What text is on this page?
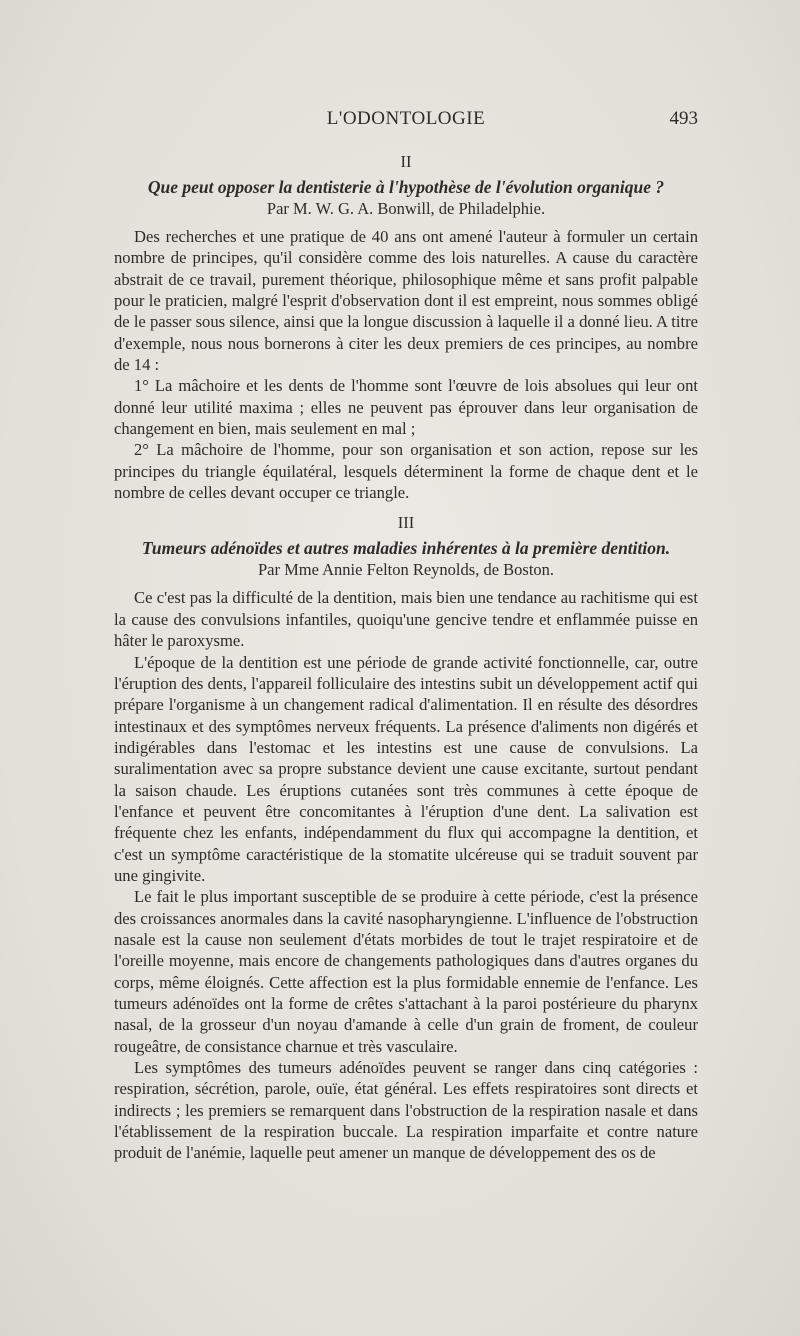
L'ODONTOLOGIE	493
II
Que peut opposer la dentisterie à l'hypothèse de l'évolution organique ?
Par M. W. G. A. Bonwill, de Philadelphie.

Des recherches et une pratique de 40 ans ont amené l'auteur à formuler un certain nombre de principes, qu'il considère comme des lois naturelles. A cause du caractère abstrait de ce travail, purement théorique, philosophique même et sans profit palpable pour le praticien, malgré l'esprit d'observation dont il est empreint, nous sommes obligé de le passer sous silence, ainsi que la longue discussion à laquelle il a donné lieu. A titre d'exemple, nous nous bornerons à citer les deux premiers de ces principes, au nombre de 14 :

1° La mâchoire et les dents de l'homme sont l'œuvre de lois absolues qui leur ont donné leur utilité maxima ; elles ne peuvent pas éprouver dans leur organisation de changement en bien, mais seulement en mal ;

2° La mâchoire de l'homme, pour son organisation et son action, repose sur les principes du triangle équilatéral, lesquels déterminent la forme de chaque dent et le nombre de celles devant occuper ce triangle.

III
Tumeurs adénoïdes et autres maladies inhérentes à la première dentition.
Par Mme Annie Felton Reynolds, de Boston.

Ce c'est pas la difficulté de la dentition, mais bien une tendance au rachitisme qui est la cause des convulsions infantiles, quoiqu'une gencive tendre et enflammée puisse en hâter le paroxysme.

L'époque de la dentition est une période de grande activité fonctionnelle, car, outre l'éruption des dents, l'appareil folliculaire des intestins subit un développement actif qui prépare l'organisme à un changement radical d'alimentation. Il en résulte des désordres intestinaux et des symptômes nerveux fréquents. La présence d'aliments non digérés et indigérables dans l'estomac et les intestins est une cause de convulsions. La suralimentation avec sa propre substance devient une cause excitante, surtout pendant la saison chaude. Les éruptions cutanées sont très communes à cette époque de l'enfance et peuvent être concomitantes à l'éruption d'une dent. La salivation est fréquente chez les enfants, indépendamment du flux qui accompagne la dentition, et c'est un symptôme caractéristique de la stomatite ulcéreuse qui se traduit souvent par une gingivite.

Le fait le plus important susceptible de se produire à cette période, c'est la présence des croissances anormales dans la cavité nasopharyngienne. L'influence de l'obstruction nasale est la cause non seulement d'états morbides de tout le trajet respiratoire et de l'oreille moyenne, mais encore de changements pathologiques dans d'autres organes du corps, même éloignés. Cette affection est la plus formidable ennemie de l'enfance. Les tumeurs adénoïdes ont la forme de crêtes s'attachant à la paroi postérieure du pharynx nasal, de la grosseur d'un noyau d'amande à celle d'un grain de froment, de couleur rougeâtre, de consistance charnue et très vasculaire.

Les symptômes des tumeurs adénoïdes peuvent se ranger dans cinq catégories : respiration, sécrétion, parole, ouïe, état général. Les effets respiratoires sont directs et indirects ; les premiers se remarquent dans l'obstruction de la respiration nasale et dans l'établissement de la respiration buccale. La respiration imparfaite et contre nature produit de l'anémie, laquelle peut amener un manque de développement des os de
